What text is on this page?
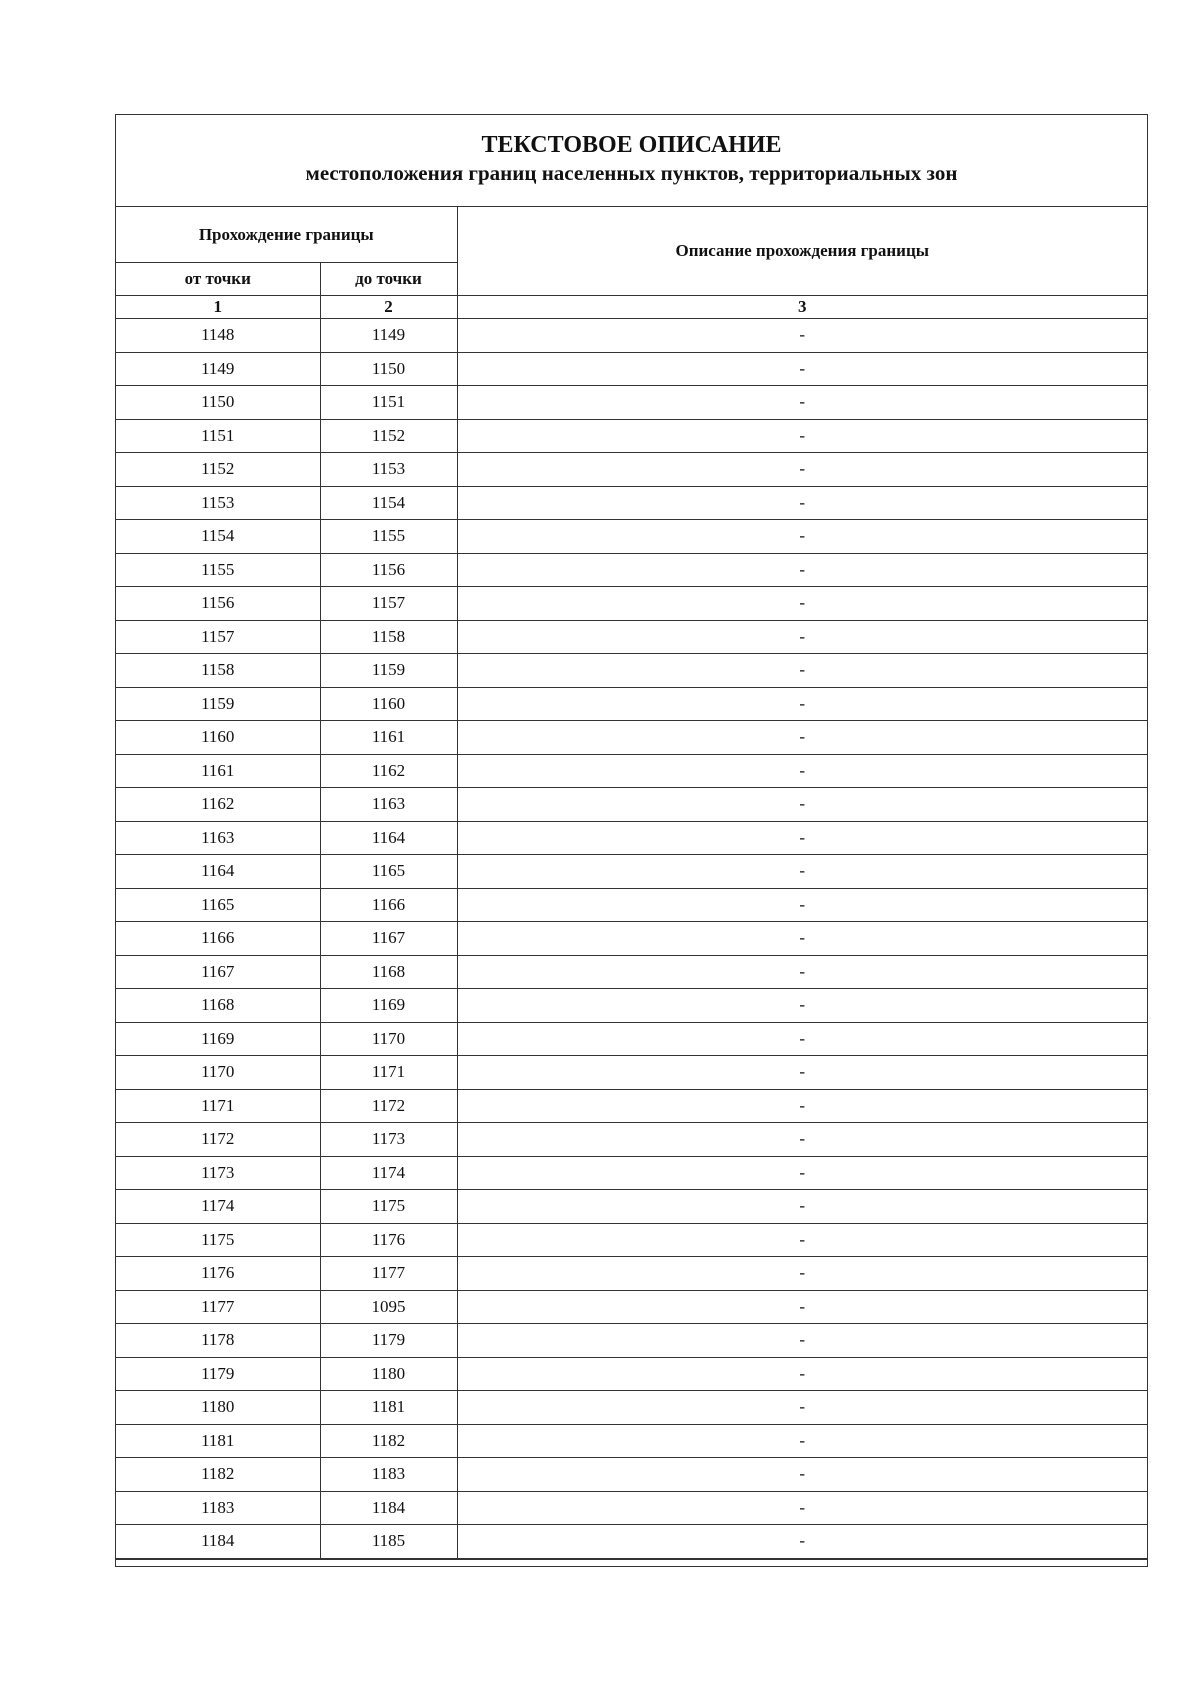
ТЕКСТОВОЕ ОПИСАНИЕ
местоположения границ населенных пунктов, территориальных зон
Прохождение границы		Описание прохождения границы
от точки	до точки	
1	2	3
1148	1149	-
1149	1150	-
1150	1151	-
1151	1152	-
1152	1153	-
1153	1154	-
1154	1155	-
1155	1156	-
1156	1157	-
1157	1158	-
1158	1159	-
1159	1160	-
1160	1161	-
1161	1162	-
1162	1163	-
1163	1164	-
1164	1165	-
1165	1166	-
1166	1167	-
1167	1168	-
1168	1169	-
1169	1170	-
1170	1171	-
1171	1172	-
1172	1173	-
1173	1174	-
1174	1175	-
1175	1176	-
1176	1177	-
1177	1095	-
1178	1179	-
1179	1180	-
1180	1181	-
1181	1182	-
1182	1183	-
1183	1184	-
1184	1185	-
